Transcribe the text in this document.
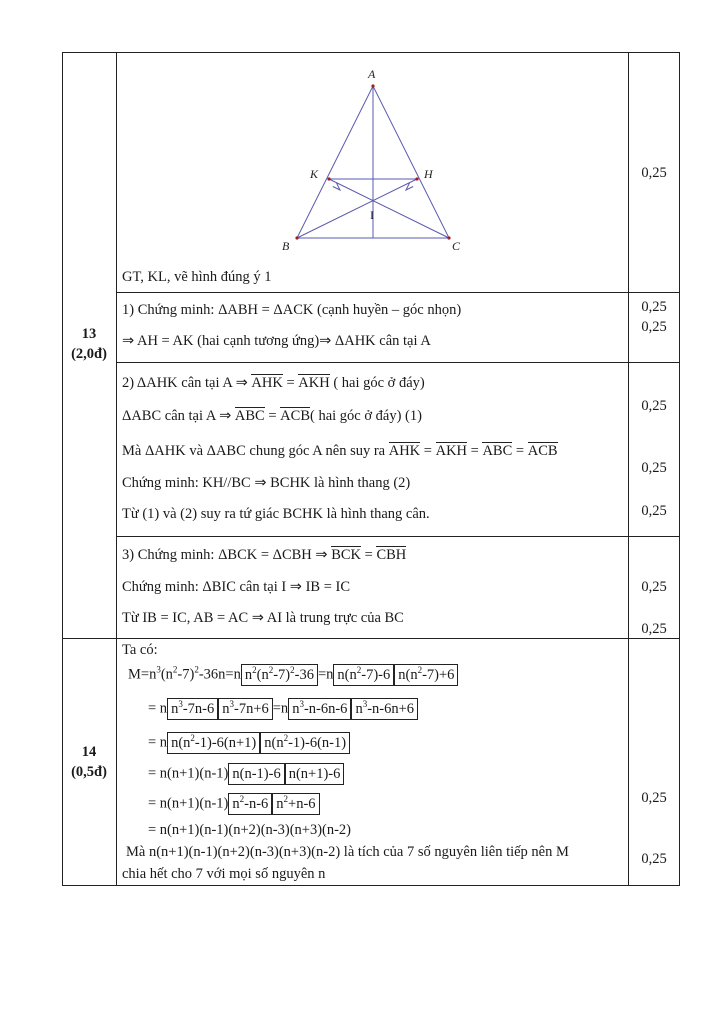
13
(2,0đ)
A
K	H
I
B	C
GT, KL, vẽ hình đúng ý 1
0,25
1) Chứng minh: ΔABH = ΔACK (cạnh huyền – góc nhọn)
⇒ AH = AK (hai cạnh tương ứng)⇒ ΔAHK cân tại A
0,25
0,25
2) ΔAHK cân tại A ⇒ AHK = AKH ( hai góc ở đáy)
ΔABC cân tại A ⇒ ABC = ACB( hai góc ở đáy) (1)
Mà ΔAHK và ΔABC chung góc A nên suy ra AHK = AKH = ABC = ACB
Chứng minh: KH//BC ⇒ BCHK là hình thang (2)
Từ (1) và (2) suy ra tứ giác BCHK là hình thang cân.
0,25
0,25
0,25
3) Chứng minh: ΔBCK = ΔCBH ⇒ BCK = CBH
Chứng minh: ΔBIC cân tại I ⇒ IB = IC
Từ IB = IC, AB = AC ⇒ AI là trung trực của BC
0,25
0,25
14
(0,5đ)
Ta có:
$M=n^3(n^2-7)^2-36n=n$ $n^2(n^2-7)^2-36 =n$ $n(n^2-7)-6$ $n(n^2-7)+6$
= n $n^3-7n-6$ $n^3-7n+6 =n$ $n^3-n-6n-6$ $n^3-n-6n+6$
= n $n(n^2-1)-6(n+1)$ $n(n^2-1)-6(n-1)$
= n(n+1)(n-1) n(n-1)-6 n(n+1)-6
= n(n+1)(n-1) $n^2-n-6$ $n^2+n-6$
= n(n+1)(n-1)(n+2)(n-3)(n+3)(n-2)
Mà n(n+1)(n-1)(n+2)(n-3)(n+3)(n-2) là tích của 7 số nguyên liên tiếp nên M
chia hết cho 7 với mọi số nguyên n
0,25
0,25
